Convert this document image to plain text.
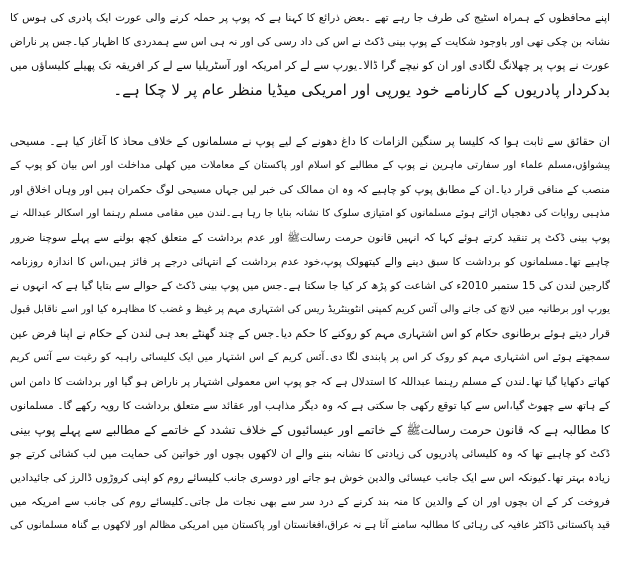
اپنے محافظوں کے ہمراہ اسٹیج کی طرف جا رہے تھے ۔بعض ذرائع کا کہنا ہے کہ پوپ پر حملہ کرنے والی عورت ایک پادری کی ہوس کا
نشانہ بن چکی تھی اور باوجود شکایت کے پوپ بینی ڈکٹ نے اس کی داد رسی کی اور نہ ہی اس سے ہمدردی کا اظہار کیا۔جس پر ناراض
عورت نے پوپ پر چھلانگ لگادی اور ان کو نیچے گرا ڈالا۔یورپ سے لے کر امریکہ اور آسٹریلیا سے لے کر افریقہ تک پھیلے کلیساؤں میں
بدکردار پادریوں کے کارنامے خود یورپی اور امریکی میڈیا منظر عام پر لا چکا ہے۔
ان حقائق سے ثابت ہوا کہ کلیسا پر سنگین الزامات کا داغ دھونے کے لیے پوپ نے مسلمانوں کے خلاف محاذ کا آغاز کیا ہے۔ مسیحی
پیشواؤں،مسلم علماء اور سفارتی ماہرین نے پوپ کے مطالبے کو اسلام اور پاکستان کے معاملات میں کھلی مداخلت اور اس بیان کو پوپ کے
منصب کے منافی قرار دیا۔ان کے مطابق پوپ کو چاہیے کہ وہ ان ممالک کی خبر لیں جہاں مسیحی لوگ حکمران ہیں اور وہاں اخلاق اور
مذہبی روایات کی دھجیاں اڑاتے ہوئے مسلمانوں کو امتیازی سلوک کا نشانہ بنایا جا رہا ہے۔لندن میں مقامی مسلم رہنما اور اسکالر عبداللہ نے
پوپ بینی ڈکٹ پر تنقید کرتے ہوئے کہا کہ انہیں قانون حرمت رسالتﷺ اور عدم برداشت کے متعلق کچھ بولنے سے پہلے سوچنا ضرور
چاہیے تھا۔مسلمانوں کو برداشت کا سبق دینے والے کیتھولک پوپ،خود عدم برداشت کے انتہائی درجے پر فائز ہیں،اس کا اندازہ روزنامہ
گارجین لندن کی 15 ستمبر 2010ء کی اشاعت کو پڑھ کر کیا جا سکتا ہے۔جس میں پوپ بینی ڈکٹ کے حوالے سے بتایا گیا ہے کہ انہوں نے
یورپ اور برطانیہ میں لانچ کی جانے والی آئس کریم کمپنی انٹوینٹریڈ ریس کی اشتہاری مہم پر غیظ و غضب کا مظاہرہ کیا اور اسے ناقابل قبول
قرار دیتے ہوئے برطانوی حکام کو اس اشتہاری مہم کو روکنے کا حکم دیا۔جس کے چند گھنٹے بعد ہی لندن کے حکام نے اپنا فرض عین
سمجھتے ہوئے اس اشتہاری مہم کو روک کر اس پر پابندی لگا دی۔آئس کریم کے اس اشتہار میں ایک کلیسائی راہبہ کو رغبت سے آئس کریم
کھاتے دکھایا گیا تھا۔لندن کے مسلم رہنما عبداللہ کا استدلال ہے کہ جو پوپ اس معمولی اشتہار پر ناراض ہو گیا اور برداشت کا دامن اس
کے ہاتھ سے چھوٹ گیا،اس سے کیا توقع رکھی جا سکتی ہے کہ وہ دیگر مذاہب اور عقائد سے متعلق برداشت کا رویہ رکھے گا۔ مسلمانوں
کا مطالبہ ہے کہ قانون حرمت رسالتﷺ کے خاتمے اور عیسائیوں کے خلاف تشدد کے خاتمے کے مطالبے سے پہلے پوپ بینی
ڈکٹ کو چاہیے تھا کہ وہ کلیسائی پادریوں کی زیادتی کا نشانہ بننے والے ان لاکھوں بچوں اور خواتین کی حمایت میں لب کشائی کرتے جو
زیادہ بہتر تھا۔کیونکہ اس سے ایک جانب عیسائی والدین خوش ہو جاتے اور دوسری جانب کلیسائے روم کو اپنی کروڑوں ڈالرز کی جائیدادیں
فروخت کر کے ان بچوں اور ان کے والدین کا منہ بند کرنے کے درد سر سے بھی نجات مل جاتی۔کلیسائے روم کی جانب سے امریکہ میں
قید پاکستانی ڈاکٹر عافیہ کی رہائی کا مطالبہ سامنے آتا ہے نہ عراق،افغانستان اور پاکستان میں امریکی مظالم اور لاکھوں بے گناہ مسلمانوں کی
